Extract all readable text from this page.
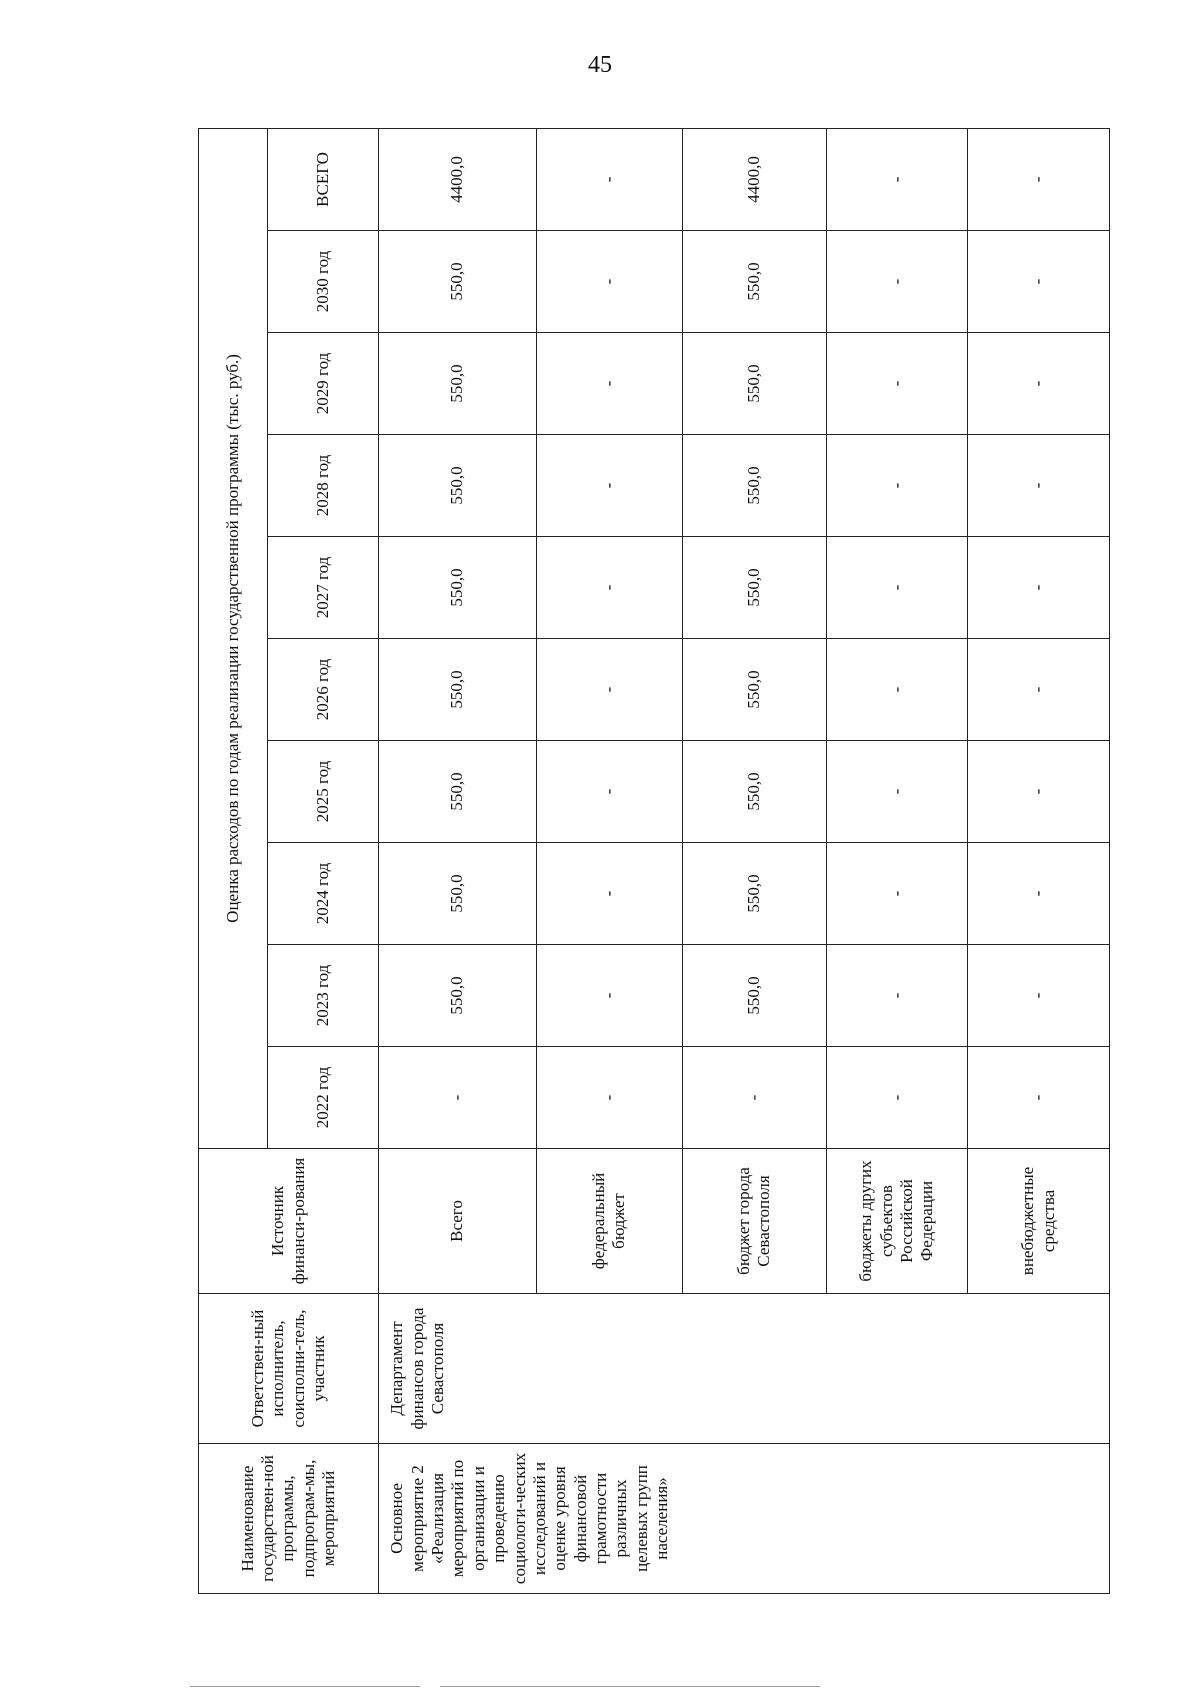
45
Наименование государствен-ной программы, подпрограм-мы, мероприятий	Ответствен-ный исполнитель, соисполни-тель, участник	Источник финанси-рования	Оценка расходов по годам реализации государственной программы (тыс. руб.)									
			2022 год	2023 год	2024 год	2025 год	2026 год	2027 год	2028 год	2029 год	2030 год	ВСЕГО
Основное мероприятие 2 «Реализация мероприятий по организации и проведению социологи-ческих исследований и оценке уровня финансовой грамотности различных целевых групп населения»	Департамент финансов города Севастополя	Всего	-	550,0	550,0	550,0	550,0	550,0	550,0	550,0	550,0	4400,0
		федеральный бюджет	-	-	-	-	-	-	-	-	-	-
		бюджет города Севастополя	-	550,0	550,0	550,0	550,0	550,0	550,0	550,0	550,0	4400,0
		бюджеты других субъектов Российской Федерации	-	-	-	-	-	-	-	-	-	-
		внебюджетные средства	-	-	-	-	-	-	-	-	-	-
